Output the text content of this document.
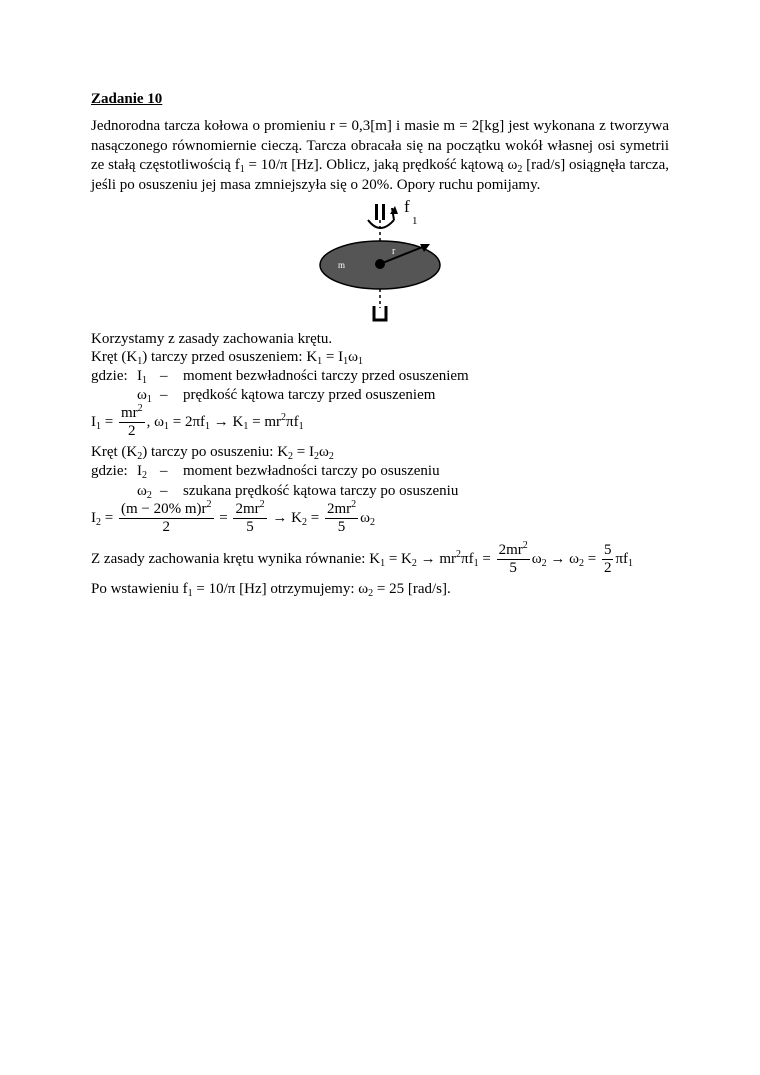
Zadanie 10
Jednorodna tarcza kołowa o promieniu r = 0,3[m] i masie m = 2[kg] jest wykonana z tworzywa nasączonego równomiernie cieczą. Tarcza obracała się na początku wokół własnej osi symetrii ze stałą częstotliwością $f_1 = 10/\pi$ [Hz]. Oblicz, jaką prędkość kątową $\omega_2$ [rad/s] osiągnęła tarcza, jeśli po osuszeniu jej masa zmniejszyła się o 20%. Opory ruchu pomijamy.
f
1
r
m
Korzystamy z zasady zachowania krętu.
Kręt $(K_1)$ tarczy przed osuszeniem: $K_1 = I_1\omega_1$
gdzie: $I_1$ – moment bezwładności tarczy przed osuszeniem
$\omega_1$ – prędkość kątowa tarczy przed osuszeniem
$I_1 = \frac{mr^2}{2}$ , $\omega_1 = 2\pi f_1 \to K_1 = mr^2\pi f_1$
Kręt $(K_2)$ tarczy po osuszeniu: $K_2 = I_2\omega_2$
gdzie: $I_2$ – moment bezwładności tarczy po osuszeniu
$\omega_2$ – szukana prędkość kątowa tarczy po osuszeniu
$I_2 = \frac{(m - 20\% m)r^2}{2} = \frac{2mr^2}{5} \to K_2 = \frac{2mr^2}{5} \omega_2$
Z zasady zachowania krętu wynika równanie: $K_1 = K_2 \to mr^2\pi f_1 = \frac{2mr^2}{5} \omega_2 \to \omega_2 = \frac{5}{2} \pi f_1$
Po wstawieniu $f_1 = 10/\pi$ [Hz] otrzymujemy: $\omega_2 = 25$ [rad/s].
